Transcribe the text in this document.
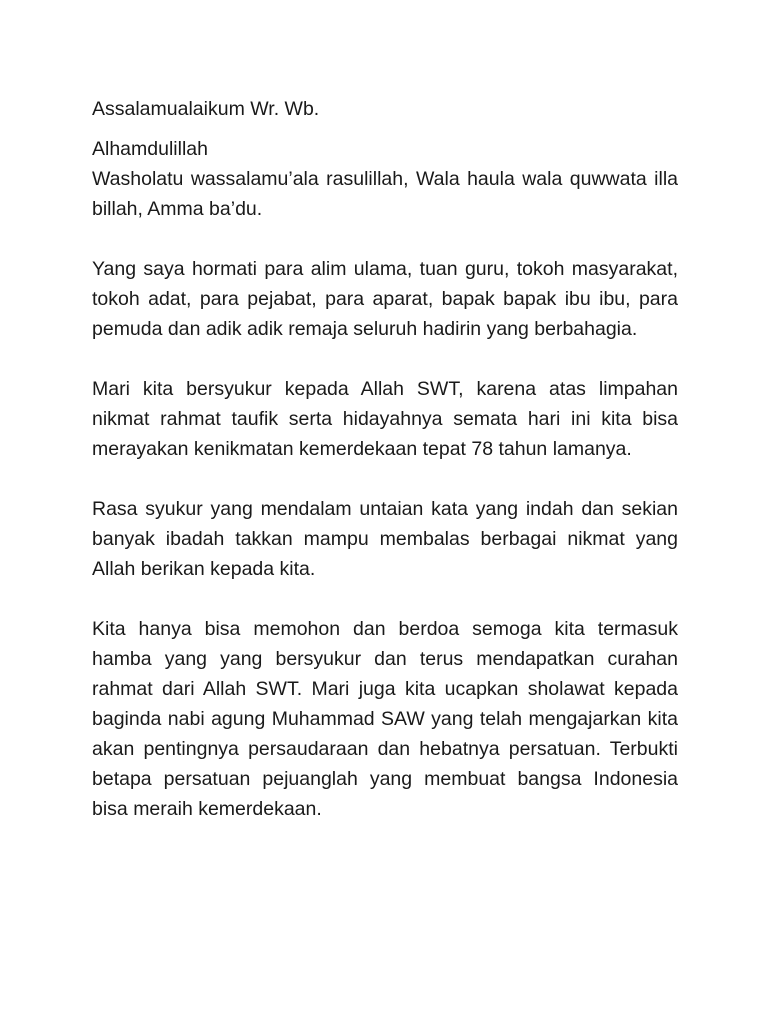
Assalamualaikum Wr. Wb.

Alhamdulillah
Washolatu wassalamu’ala rasulillah, Wala haula wala quwwata illa billah, Amma ba’du.

Yang saya hormati para alim ulama, tuan guru, tokoh masyarakat, tokoh adat, para pejabat, para aparat, bapak bapak ibu ibu, para pemuda dan adik adik remaja seluruh hadirin yang berbahagia.

Mari kita bersyukur kepada Allah SWT, karena atas limpahan nikmat rahmat taufik serta hidayahnya semata hari ini kita bisa merayakan kenikmatan kemerdekaan tepat 78 tahun lamanya.

Rasa syukur yang mendalam untaian kata yang indah dan sekian banyak ibadah takkan mampu membalas berbagai nikmat yang Allah berikan kepada kita.

Kita hanya bisa memohon dan berdoa semoga kita termasuk hamba yang yang bersyukur dan terus mendapatkan curahan rahmat dari Allah SWT. Mari juga kita ucapkan sholawat kepada baginda nabi agung Muhammad SAW yang telah mengajarkan kita akan pentingnya persaudaraan dan hebatnya persatuan. Terbukti betapa persatuan pejuanglah yang membuat bangsa Indonesia bisa meraih kemerdekaan.
